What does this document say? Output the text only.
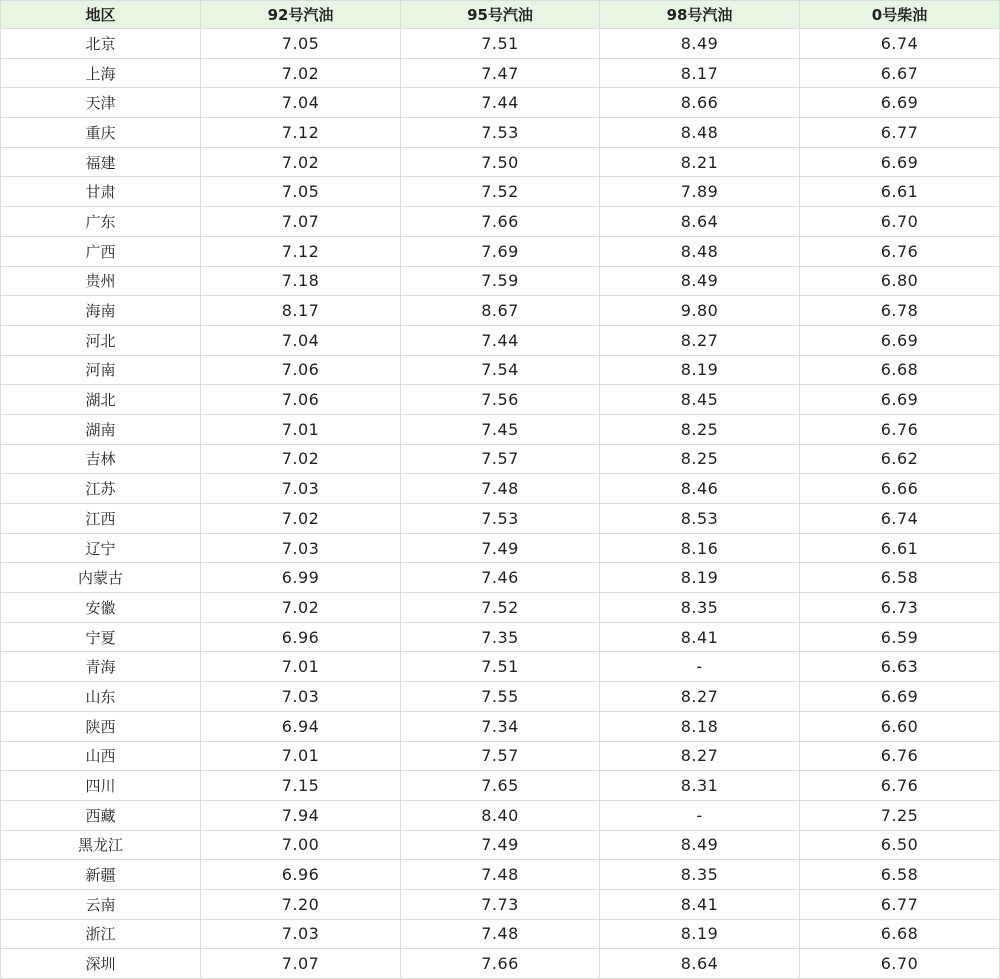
地区	92号汽油	95号汽油	98号汽油	0号柴油
北京	7.05	7.51	8.49	6.74
上海	7.02	7.47	8.17	6.67
天津	7.04	7.44	8.66	6.69
重庆	7.12	7.53	8.48	6.77
福建	7.02	7.50	8.21	6.69
甘肃	7.05	7.52	7.89	6.61
广东	7.07	7.66	8.64	6.70
广西	7.12	7.69	8.48	6.76
贵州	7.18	7.59	8.49	6.80
海南	8.17	8.67	9.80	6.78
河北	7.04	7.44	8.27	6.69
河南	7.06	7.54	8.19	6.68
湖北	7.06	7.56	8.45	6.69
湖南	7.01	7.45	8.25	6.76
吉林	7.02	7.57	8.25	6.62
江苏	7.03	7.48	8.46	6.66
江西	7.02	7.53	8.53	6.74
辽宁	7.03	7.49	8.16	6.61
内蒙古	6.99	7.46	8.19	6.58
安徽	7.02	7.52	8.35	6.73
宁夏	6.96	7.35	8.41	6.59
青海	7.01	7.51	-	6.63
山东	7.03	7.55	8.27	6.69
陕西	6.94	7.34	8.18	6.60
山西	7.01	7.57	8.27	6.76
四川	7.15	7.65	8.31	6.76
西藏	7.94	8.40	-	7.25
黑龙江	7.00	7.49	8.49	6.50
新疆	6.96	7.48	8.35	6.58
云南	7.20	7.73	8.41	6.77
浙江	7.03	7.48	8.19	6.68
深圳	7.07	7.66	8.64	6.70
